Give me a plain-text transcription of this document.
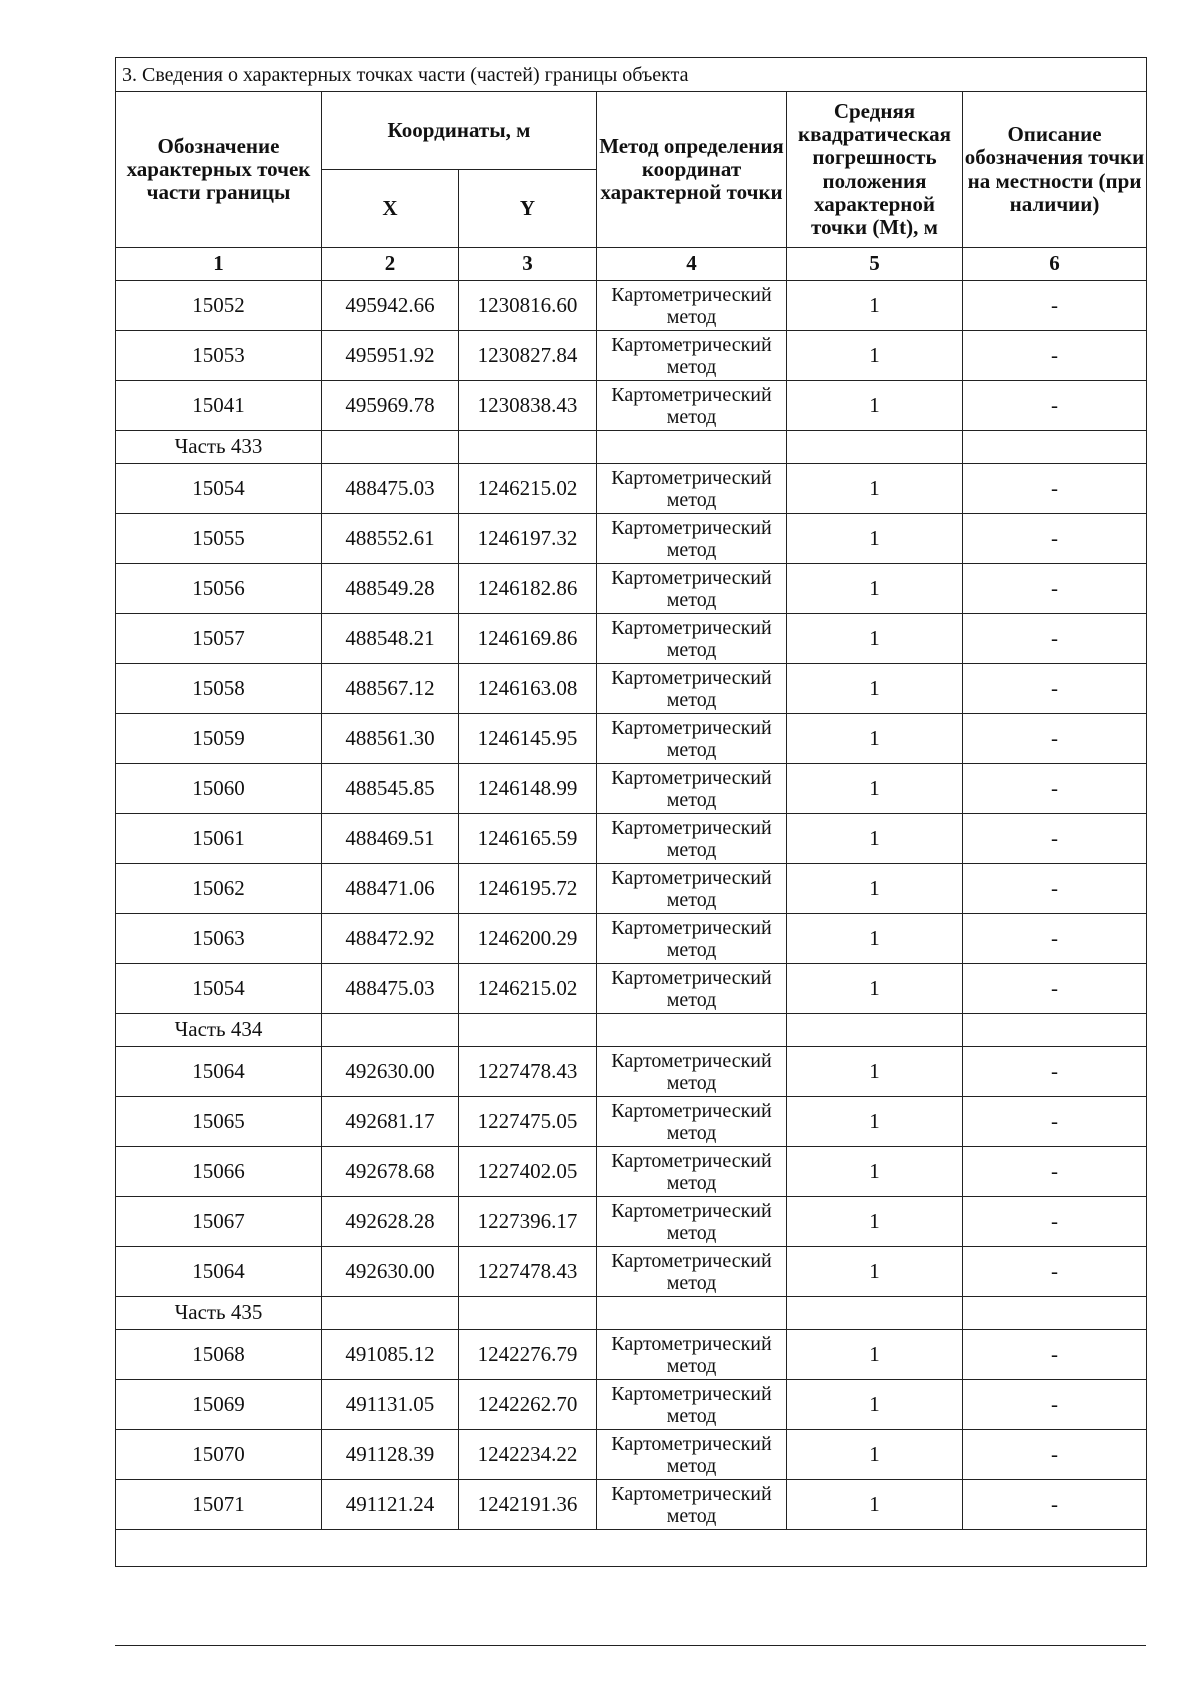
3. Сведения о характерных точках части (частей) границы объекта					
Обозначение характерных точек части границы	Координаты, м		Метод определения координат характерной точки	Средняя квадратическая погрешность положения характерной точки (Mt), м	Описание обозначения точки на местности (при наличии)
	X	Y			
1	2	3	4	5	6
15052	495942.66	1230816.60	Картометрический метод	1	-
15053	495951.92	1230827.84	Картометрический метод	1	-
15041	495969.78	1230838.43	Картометрический метод	1	-
Часть 433					
15054	488475.03	1246215.02	Картометрический метод	1	-
15055	488552.61	1246197.32	Картометрический метод	1	-
15056	488549.28	1246182.86	Картометрический метод	1	-
15057	488548.21	1246169.86	Картометрический метод	1	-
15058	488567.12	1246163.08	Картометрический метод	1	-
15059	488561.30	1246145.95	Картометрический метод	1	-
15060	488545.85	1246148.99	Картометрический метод	1	-
15061	488469.51	1246165.59	Картометрический метод	1	-
15062	488471.06	1246195.72	Картометрический метод	1	-
15063	488472.92	1246200.29	Картометрический метод	1	-
15054	488475.03	1246215.02	Картометрический метод	1	-
Часть 434					
15064	492630.00	1227478.43	Картометрический метод	1	-
15065	492681.17	1227475.05	Картометрический метод	1	-
15066	492678.68	1227402.05	Картометрический метод	1	-
15067	492628.28	1227396.17	Картометрический метод	1	-
15064	492630.00	1227478.43	Картометрический метод	1	-
Часть 435					
15068	491085.12	1242276.79	Картометрический метод	1	-
15069	491131.05	1242262.70	Картометрический метод	1	-
15070	491128.39	1242234.22	Картометрический метод	1	-
15071	491121.24	1242191.36	Картометрический метод	1	-
